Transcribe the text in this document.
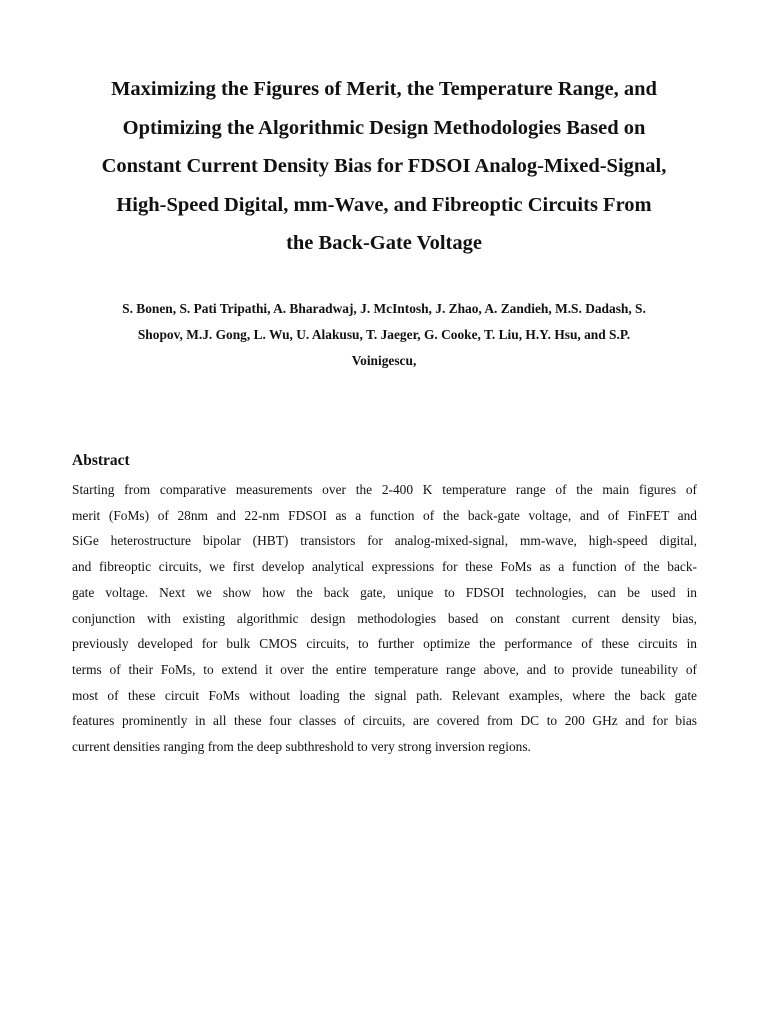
Maximizing the Figures of Merit, the Temperature Range, and
Optimizing the Algorithmic Design Methodologies Based on
Constant Current Density Bias for FDSOI Analog-Mixed-Signal,
High-Speed Digital, mm-Wave, and Fibreoptic Circuits From
the Back-Gate Voltage
S. Bonen, S. Pati Tripathi, A. Bharadwaj, J. McIntosh, J. Zhao, A. Zandieh, M.S. Dadash, S.
Shopov, M.J. Gong, L. Wu, U. Alakusu, T. Jaeger, G. Cooke, T. Liu, H.Y. Hsu, and S.P.
Voinigescu,
Abstract
Starting from comparative measurements over the 2-400 K temperature range of the main figures of
merit (FoMs) of 28nm and 22-nm FDSOI as a function of the back-gate voltage, and of FinFET and
SiGe heterostructure bipolar (HBT) transistors for analog-mixed-signal, mm-wave, high-speed digital,
and fibreoptic circuits, we first develop analytical expressions for these FoMs as a function of the back-
gate voltage. Next we show how the back gate, unique to FDSOI technologies, can be used in
conjunction with existing algorithmic design methodologies based on constant current density bias,
previously developed for bulk CMOS circuits, to further optimize the performance of these circuits in
terms of their FoMs, to extend it over the entire temperature range above, and to provide tuneability of
most of these circuit FoMs without loading the signal path. Relevant examples, where the back gate
features prominently in all these four classes of circuits, are covered from DC to 200 GHz and for bias
current densities ranging from the deep subthreshold to very strong inversion regions.
